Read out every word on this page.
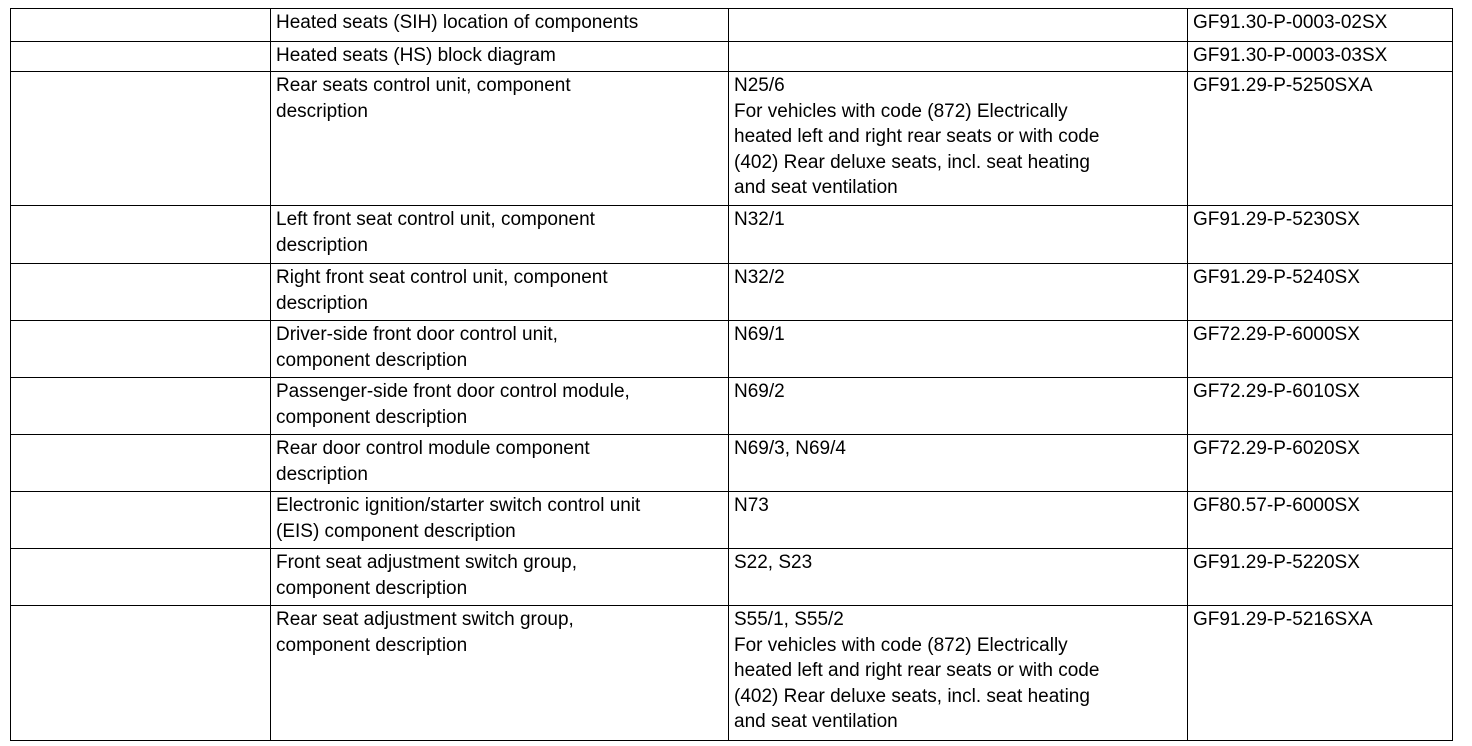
	Heated seats (SIH) location of components		GF91.30-P-0003-02SX

	Heated seats (HS) block diagram		GF91.30-P-0003-03SX

	Rear seats control unit, component
description	N25/6
For vehicles with code (872) Electrically
heated left and right rear seats or with code
(402) Rear deluxe seats, incl. seat heating
and seat ventilation	GF91.29-P-5250SXA

	Left front seat control unit, component
description	N32/1	GF91.29-P-5230SX

	Right front seat control unit, component
description	N32/2	GF91.29-P-5240SX

	Driver-side front door control unit,
component description	N69/1	GF72.29-P-6000SX

	Passenger-side front door control module,
component description	N69/2	GF72.29-P-6010SX

	Rear door control module component
description	N69/3, N69/4	GF72.29-P-6020SX

	Electronic ignition/starter switch control unit
(EIS) component description	N73	GF80.57-P-6000SX

	Front seat adjustment switch group,
component description	S22, S23	GF91.29-P-5220SX

	Rear seat adjustment switch group,
component description	S55/1, S55/2
For vehicles with code (872) Electrically
heated left and right rear seats or with code
(402) Rear deluxe seats, incl. seat heating
and seat ventilation	GF91.29-P-5216SXA
